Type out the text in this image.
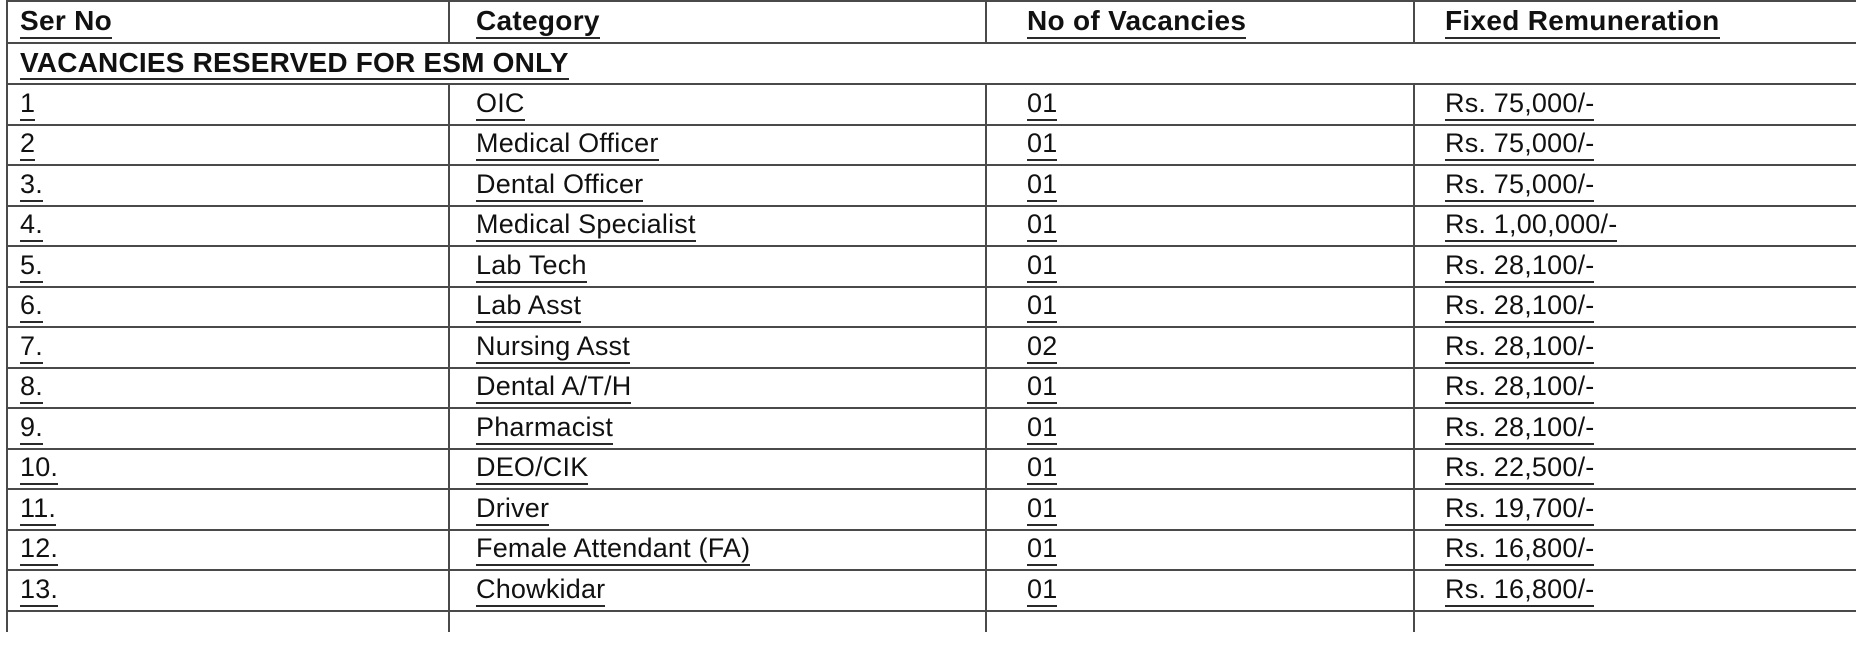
Ser No	Category	No of Vacancies	Fixed Remuneration
VACANCIES RESERVED FOR ESM ONLY			
1	OIC	01	Rs. 75,000/-
2	Medical Officer	01	Rs. 75,000/-
3.	Dental Officer	01	Rs. 75,000/-
4.	Medical Specialist	01	Rs. 1,00,000/-
5.	Lab Tech	01	Rs. 28,100/-
6.	Lab Asst	01	Rs. 28,100/-
7.	Nursing Asst	02	Rs. 28,100/-
8.	Dental A/T/H	01	Rs. 28,100/-
9.	Pharmacist	01	Rs. 28,100/-
10.	DEO/CIK	01	Rs. 22,500/-
11.	Driver	01	Rs. 19,700/-
12.	Female Attendant (FA)	01	Rs. 16,800/-
13.	Chowkidar	01	Rs. 16,800/-
